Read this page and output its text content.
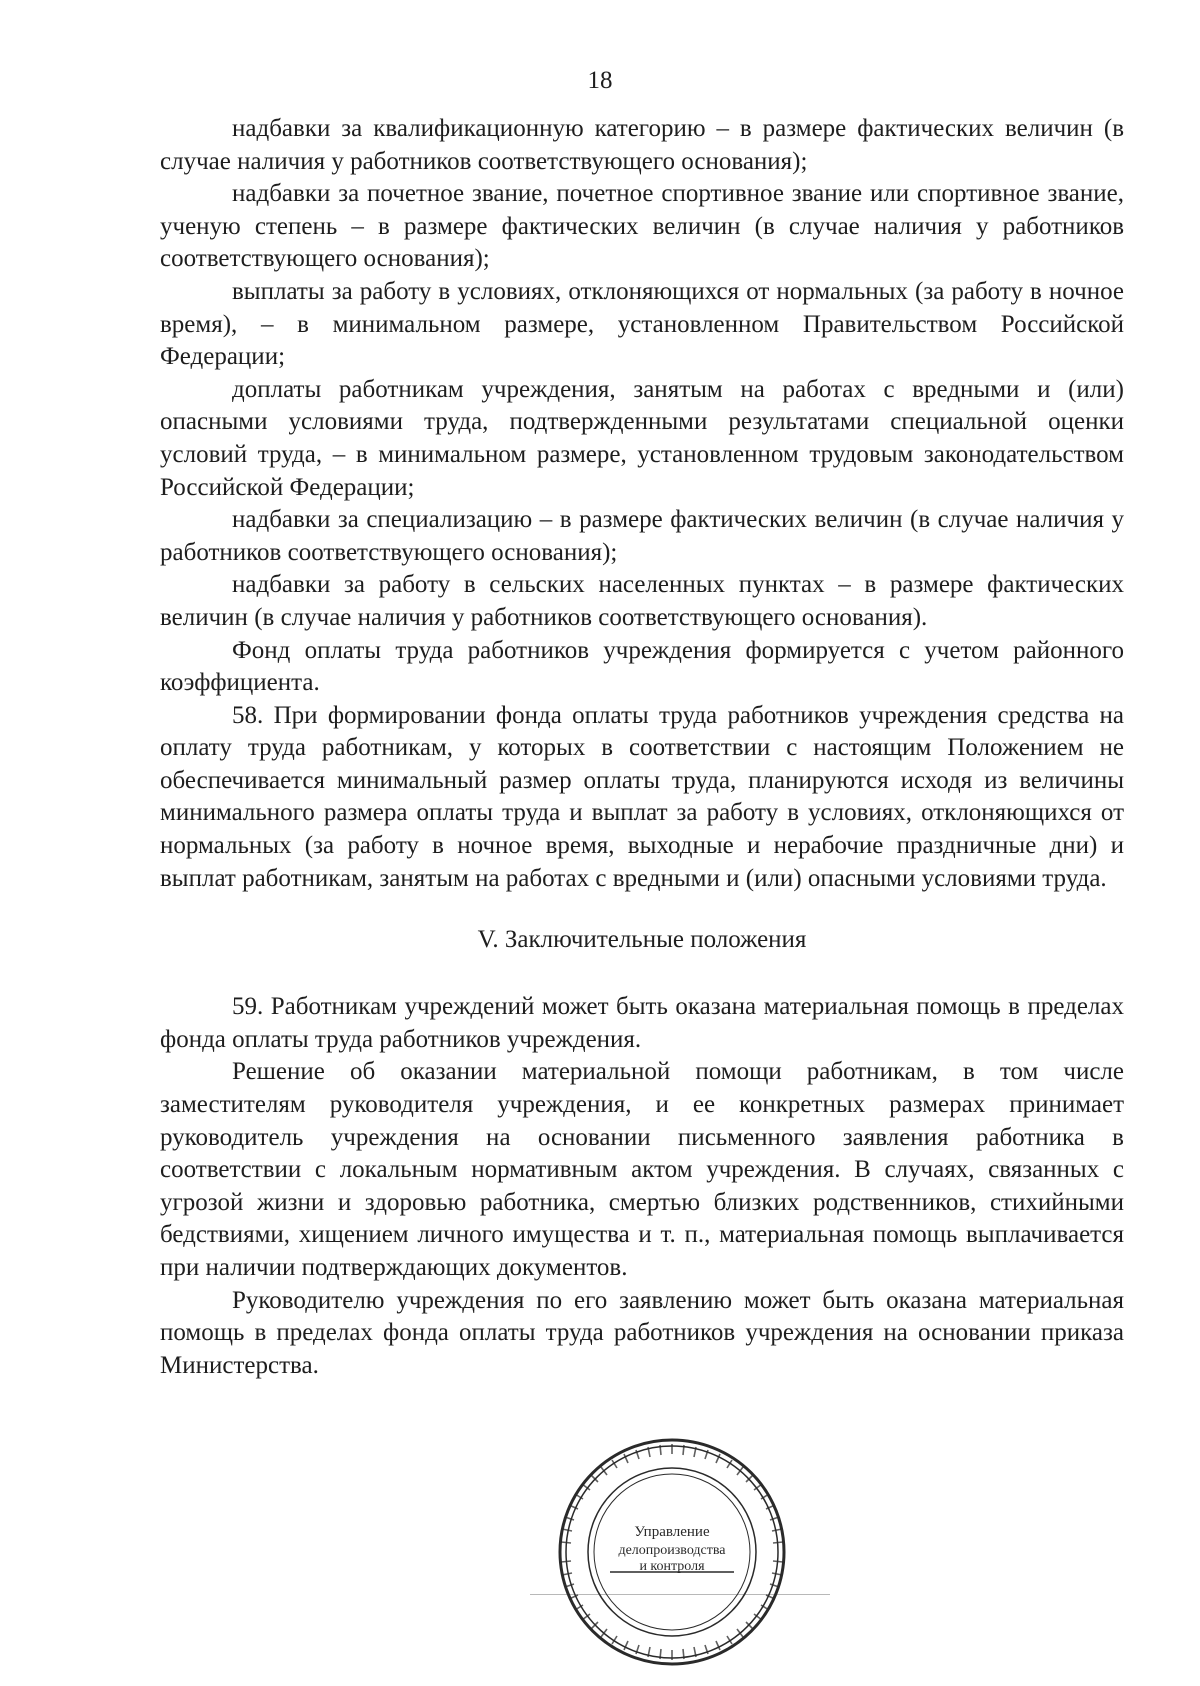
18

надбавки за квалификационную категорию – в размере фактических величин (в случае наличия у работников соответствующего основания);

надбавки за почетное звание, почетное спортивное звание или спортивное звание, ученую степень – в размере фактических величин (в случае наличия у работников соответствующего основания);

выплаты за работу в условиях, отклоняющихся от нормальных (за работу в ночное время), – в минимальном размере, установленном Правительством Российской Федерации;

доплаты работникам учреждения, занятым на работах с вредными и (или) опасными условиями труда, подтвержденными результатами специальной оценки условий труда, – в минимальном размере, установленном трудовым законодательством Российской Федерации;

надбавки за специализацию – в размере фактических величин (в случае наличия у работников соответствующего основания);

надбавки за работу в сельских населенных пунктах – в размере фактических величин (в случае наличия у работников соответствующего основания).

Фонд оплаты труда работников учреждения формируется с учетом районного коэффициента.

58. При формировании фонда оплаты труда работников учреждения средства на оплату труда работникам, у которых в соответствии с настоящим Положением не обеспечивается минимальный размер оплаты труда, планируются исходя из величины минимального размера оплаты труда и выплат за работу в условиях, отклоняющихся от нормальных (за работу в ночное время, выходные и нерабочие праздничные дни) и выплат работникам, занятым на работах с вредными и (или) опасными условиями труда.

V. Заключительные положения

59. Работникам учреждений может быть оказана материальная помощь в пределах фонда оплаты труда работников учреждения.

Решение об оказании материальной помощи работникам, в том числе заместителям руководителя учреждения, и ее конкретных размерах принимает руководитель учреждения на основании письменного заявления работника в соответствии с локальным нормативным актом учреждения. В случаях, связанных с угрозой жизни и здоровью работника, смертью близких родственников, стихийными бедствиями, хищением личного имущества и т. п., материальная помощь выплачивается при наличии подтверждающих документов.

Руководителю учреждения по его заявлению может быть оказана материальная помощь в пределах фонда оплаты труда работников учреждения на основании приказа Министерства.

Управление
делопроизводства
и контроля
